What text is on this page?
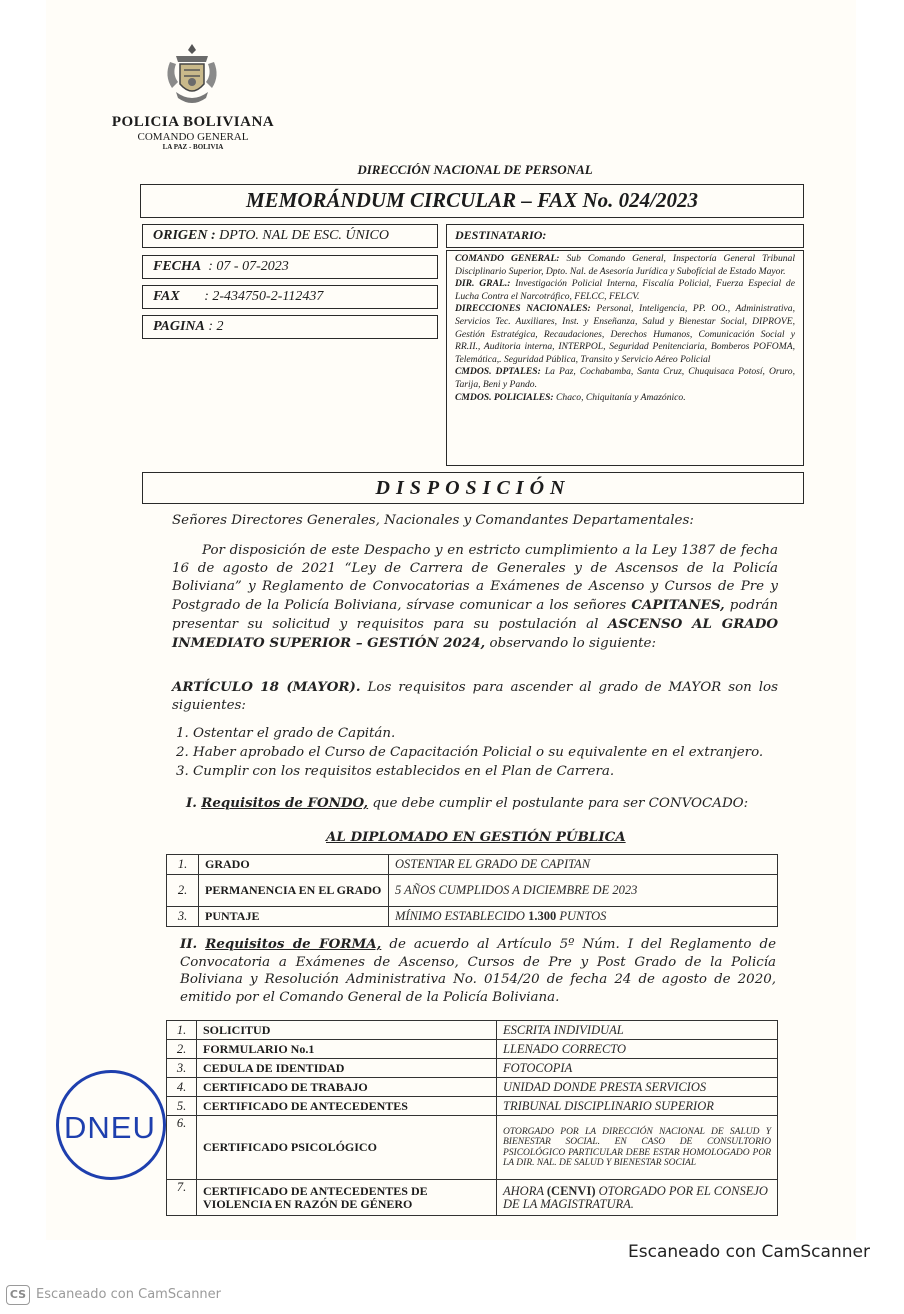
POLICIA BOLIVIANA
COMANDO GENERAL
LA PAZ - BOLIVIA
DIRECCIÓN NACIONAL DE PERSONAL
MEMORÁNDUM CIRCULAR – FAX No. 024/2023
ORIGEN : DPTO. NAL DE ESC. ÚNICO
FECHA : 07 - 07-2023
FAX : 2-434750-2-112437
PAGINA : 2
DESTINATARIO:
COMANDO GENERAL: Sub Comando General, Inspectoría General Tribunal Disciplinario Superior, Dpto. Nal. de Asesoría Jurídica y Subofícial de Estado Mayor.
DIR. GRAL.: Investigación Policial Interna, Fiscalía Policial, Fuerza Especial de Lucha Contra el Narcotráfico, FELCC, FELCV.
DIRECCIONES NACIONALES: Personal, Inteligencia, PP. OO., Administrativa, Servicios Tec. Auxiliares, Inst. y Enseñanza, Salud y Bienestar Social, DIPROVE, Gestión Estratégica, Recaudaciones, Derechos Humanos, Comunicación Social y RR.II., Auditoria interna, INTERPOL, Seguridad Penitenciaria, Bomberos POFOMA, Telemática,. Seguridad Pública, Transito y Servicio Aéreo Policial
CMDOS. DPTALES: La Paz, Cochabamba, Santa Cruz, Chuquisaca Potosí, Oruro, Tarija, Beni y Pando.
CMDOS. POLICIALES: Chaco, Chiquitanía y Amazónico.
DISPOSICIÓN
Señores Directores Generales, Nacionales y Comandantes Departamentales:
Por disposición de este Despacho y en estricto cumplimiento a la Ley 1387 de fecha 16 de agosto de 2021 “Ley de Carrera de Generales y de Ascensos de la Policía Boliviana” y Reglamento de Convocatorias a Exámenes de Ascenso y Cursos de Pre y Postgrado de la Policía Boliviana, sírvase comunicar a los señores CAPITANES, podrán presentar su solicitud y requisitos para su postulación al ASCENSO AL GRADO INMEDIATO SUPERIOR – GESTIÓN 2024, observando lo siguiente:
ARTÍCULO 18 (MAYOR). Los requisitos para ascender al grado de MAYOR son los siguientes:
1. Ostentar el grado de Capitán.
2. Haber aprobado el Curso de Capacitación Policial o su equivalente en el extranjero.
3. Cumplir con los requisitos establecidos en el Plan de Carrera.
I. Requisitos de FONDO, que debe cumplir el postulante para ser CONVOCADO:
AL DIPLOMADO EN GESTIÓN PÚBLICA
1.	GRADO	OSTENTAR EL GRADO DE CAPITAN
2.	PERMANENCIA EN EL GRADO	5 AÑOS CUMPLIDOS A DICIEMBRE DE 2023
3.	PUNTAJE	MÍNIMO ESTABLECIDO 1.300 PUNTOS
II. Requisitos de FORMA, de acuerdo al Artículo 5º Núm. I del Reglamento de Convocatoria a Exámenes de Ascenso, Cursos de Pre y Post Grado de la Policía Boliviana y Resolución Administrativa No. 0154/20 de fecha 24 de agosto de 2020, emitido por el Comando General de la Policía Boliviana.
1.	SOLICITUD	ESCRITA INDIVIDUAL
2.	FORMULARIO No.1	LLENADO CORRECTO
3.	CEDULA DE IDENTIDAD	FOTOCOPIA
4.	CERTIFICADO DE TRABAJO	UNIDAD DONDE PRESTA SERVICIOS
5.	CERTIFICADO DE ANTECEDENTES	TRIBUNAL DISCIPLINARIO SUPERIOR
6.	CERTIFICADO PSICOLÓGICO	OTORGADO POR LA DIRECCIÓN NACIONAL DE SALUD Y BIENESTAR SOCIAL. EN CASO DE CONSULTORIO PSICOLÓGICO PARTICULAR DEBE ESTAR HOMOLOGADO POR LA DIR. NAL. DE SALUD Y BIENESTAR SOCIAL
7.	CERTIFICADO DE ANTECEDENTES DE VIOLENCIA EN RAZÓN DE GÉNERO	AHORA (CENVI) OTORGADO POR EL CONSEJO DE LA MAGISTRATURA.
DNEU
Escaneado con CamScanner
CS Escaneado con CamScanner
